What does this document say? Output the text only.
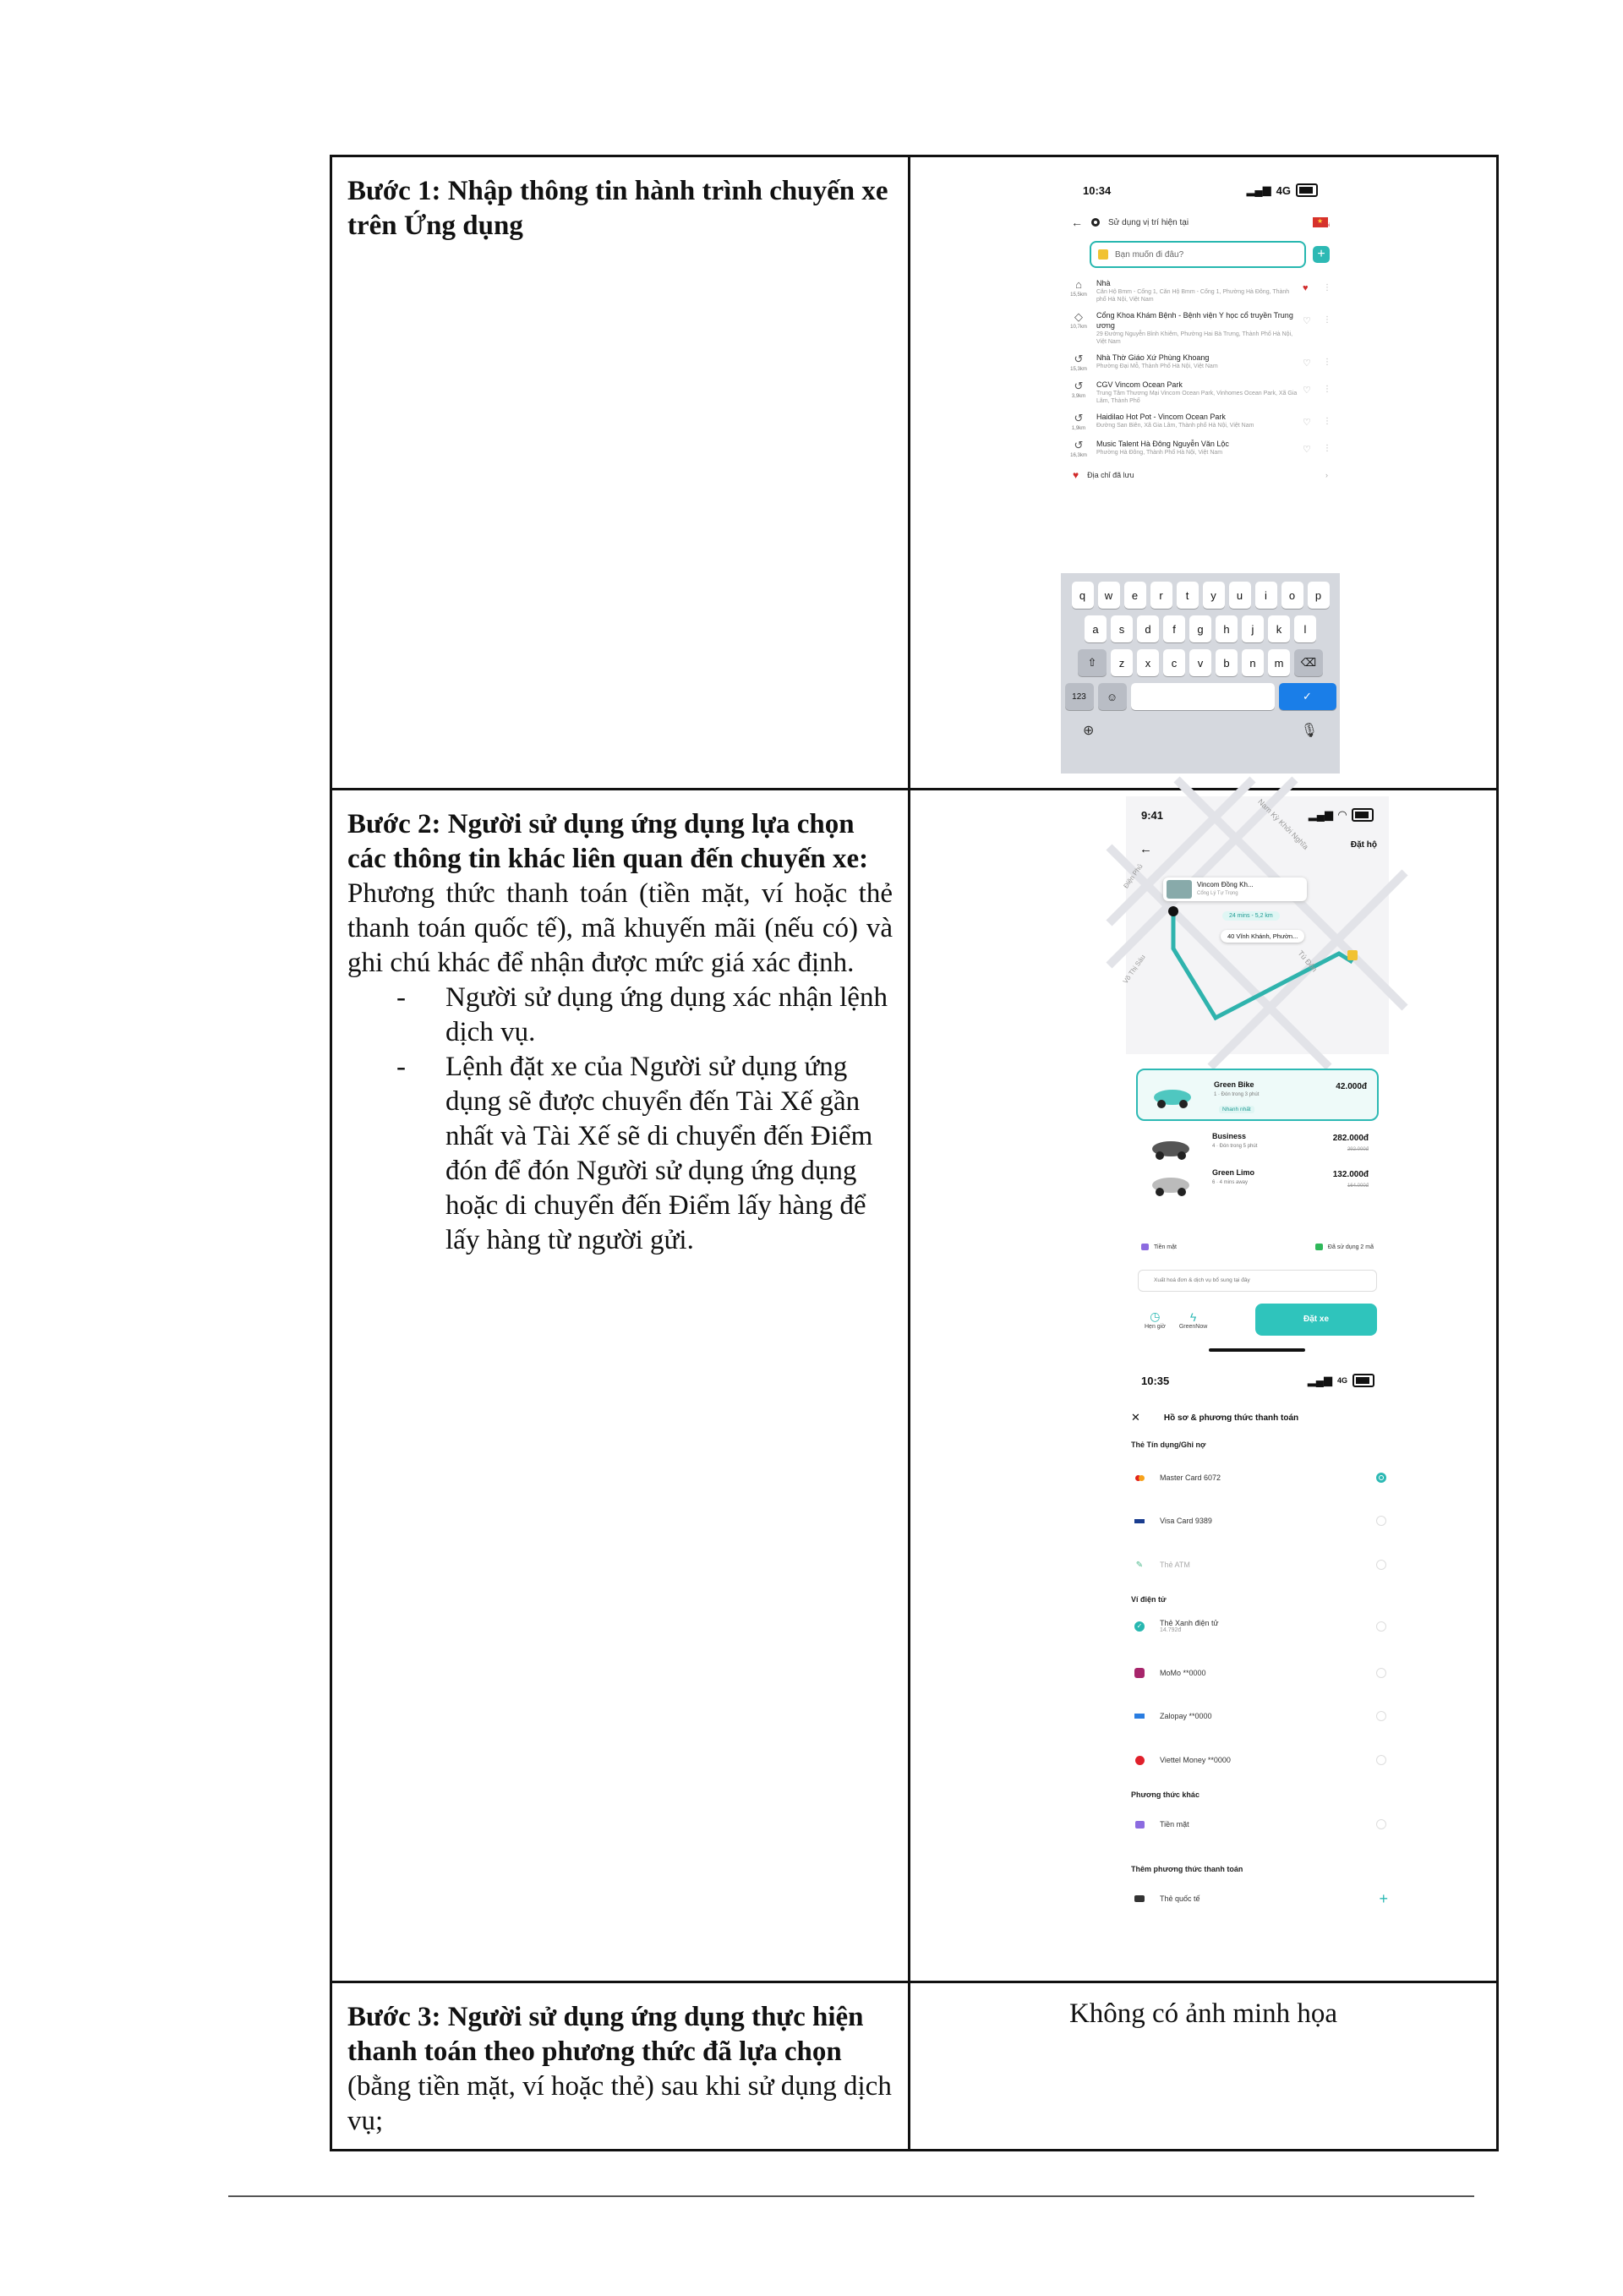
Bước 1: Nhập thông tin hành trình chuyến xe trên Ứng dụng
Bước 2: Người sử dụng ứng dụng lựa chọn các thông tin khác liên quan đến chuyến xe:

Phương thức thanh toán (tiền mặt, ví hoặc thẻ thanh toán quốc tế), mã khuyến mãi (nếu có) và ghi chú khác để nhận được mức giá xác định.
- Người sử dụng ứng dụng xác nhận lệnh dịch vụ.
- Lệnh đặt xe của Người sử dụng ứng dụng sẽ được chuyển đến Tài Xế gần nhất và Tài Xế sẽ di chuyển đến Điểm đón để đón Người sử dụng ứng dụng hoặc di chuyển đến Điểm lấy hàng để lấy hàng từ người gửi.
Bước 3: Người sử dụng ứng dụng thực hiện thanh toán theo phương thức đã lựa chọn (bằng tiền mặt, ví hoặc thẻ) sau khi sử dụng dịch vụ;
Không có ảnh minh họa
10:34	▂▄▆ 4G
←	Sử dụng vị trí hiện tại
★	Hà Nội
Bạn muốn đi đâu?	+
⌂
15,5km
Nhà
Căn Hộ Bmm - Cổng 1, Căn Hộ Bmm - Cổng 1, Phường Hà Đông, Thành phố Hà Nội, Việt Nam
♥	⋮
◇
10,7km
Cổng Khoa Khám Bệnh - Bệnh viện Y học cổ truyền Trung ương
29 Đường Nguyễn Bỉnh Khiêm, Phường Hai Bà Trưng, Thành Phố Hà Nội, Việt Nam
♡	⋮
↺
15,3km
Nhà Thờ Giáo Xứ Phùng Khoang
Phường Đại Mỗ, Thành Phố Hà Nội, Việt Nam	♡	⋮
↺
3,9km
CGV Vincom Ocean Park
Trung Tâm Thương Mại Vincom Ocean Park, Vinhomes Ocean Park, Xã Gia Lâm, Thành Phố
♡	⋮
↺
1,9km
Haidilao Hot Pot - Vincom Ocean Park
Đường San Biên, Xã Gia Lâm, Thành phố Hà Nội, Việt Nam	♡	⋮
↺
16,3km
Music Talent Hà Đông Nguyễn Văn Lộc
Phường Hà Đông, Thành Phố Hà Nội, Việt Nam	♡	⋮
♥ Địa chỉ đã lưu	›
q	w	e	r	t	y	u	i	o	p
a	s	d	f	g	h	j	k	l
⇧	z	x	c	v	b	n	m	⌫
123	☺	✓
⊕	🎙
9:41	▂▄▆ ◠
←	Đặt hộ
Nam Kỳ Khởi Nghĩa
Điện Phủ
Võ Thị Sáu	Tú Đôn
Vincom Đồng Kh...
Cổng Lý Tự Trọng
24 mins - 5,2 km
40 Vĩnh Khánh, Phườn...
Green Bike
1 · Đón trong 3 phút
42.000đ
Nhanh nhất
Business
4 · Đón trong 5 phút
282.000đ
292.000đ
Green Limo
6 · 4 mins away
132.000đ
164.000đ
Tiền mặt	Đã sử dụng 2 mã
Xuất hoá đơn & dịch vụ bổ sung tại đây
◷
Hẹn giờ
ϟ
GreenNow
Đặt xe
10:35	▂▄▆ 4G
✕	Hồ sơ & phương thức thanh toán
Thẻ Tín dụng/Ghi nợ
Master Card 6072
Visa Card 9389
✎	Thẻ ATM
Ví điện tử
✓ Thẻ Xanh điện tử
14.792đ
MoMo **0000
Zalopay **0000
Viettel Money **0000
Phương thức khác
Tiền mặt
Thêm phương thức thanh toán
Thẻ quốc tế	+
